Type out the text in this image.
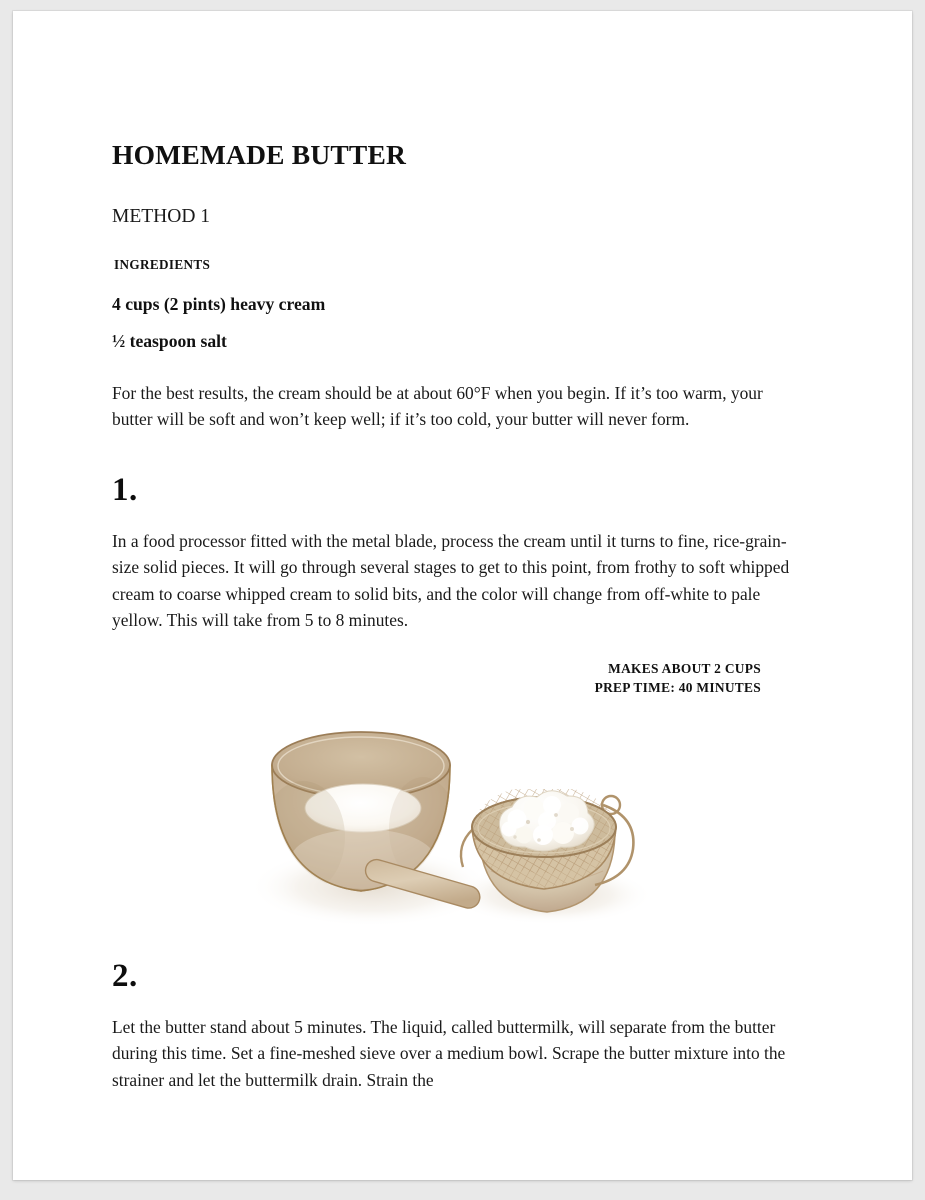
HOMEMADE BUTTER
METHOD 1
INGREDIENTS
4 cups (2 pints) heavy cream
½ teaspoon salt

For the best results, the cream should be at about 60°F when you begin. If it’s too warm, your butter will be soft and won’t keep well; if it’s too cold, your butter will never form.

1.

In a food processor fitted with the metal blade, process the cream until it turns to fine, rice-grain-size solid pieces. It will go through several stages to get to this point, from frothy to soft whipped cream to coarse whipped cream to solid bits, and the color will change from off-white to pale yellow. This will take from 5 to 8 minutes.

MAKES ABOUT 2 CUPS
PREP TIME: 40 MINUTES
2.

Let the butter stand about 5 minutes. The liquid, called buttermilk, will separate from the butter during this time. Set a fine-meshed sieve over a medium bowl. Scrape the butter mixture into the strainer and let the buttermilk drain. Strain the
